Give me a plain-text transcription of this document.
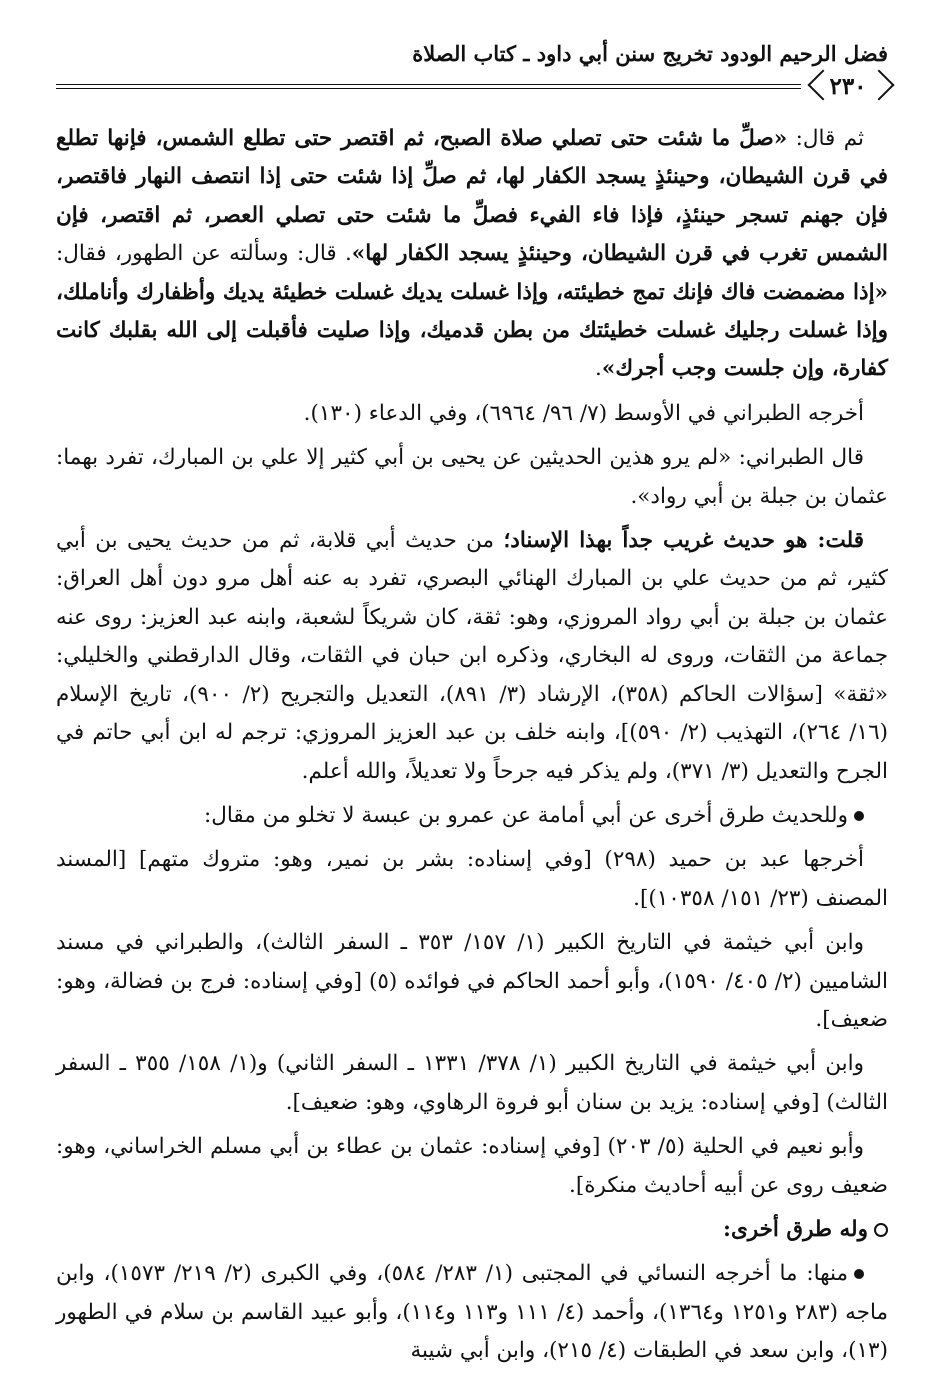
فضل الرحيم الودود تخريج سنن أبي داود ـ كتاب الصلاة
٢٣٠

ثم قال: «صلِّ ما شئت حتى تصلي صلاة الصبح، ثم اقتصر حتى تطلع الشمس، فإنها تطلع في قرن الشيطان، وحينئذٍ يسجد الكفار لها، ثم صلِّ إذا شئت حتى إذا انتصف النهار فاقتصر، فإن جهنم تسجر حينئذٍ، فإذا فاء الفيء فصلِّ ما شئت حتى تصلي العصر، ثم اقتصر، فإن الشمس تغرب في قرن الشيطان، وحينئذٍ يسجد الكفار لها». قال: وسألته عن الطهور، فقال: «إذا مضمضت فاك فإنك تمج خطيئته، وإذا غسلت يديك غسلت خطيئة يديك وأظفارك وأناملك، وإذا غسلت رجليك غسلت خطيئتك من بطن قدميك، وإذا صليت فأقبلت إلى الله بقلبك كانت كفارة، وإن جلست وجب أجرك».

أخرجه الطبراني في الأوسط (٧/ ٩٦/ ٦٩٦٤)، وفي الدعاء (١٣٠).

قال الطبراني: «لم يرو هذين الحديثين عن يحيى بن أبي كثير إلا علي بن المبارك، تفرد بهما: عثمان بن جبلة بن أبي رواد».

قلت: هو حديث غريب جداً بهذا الإسناد؛ من حديث أبي قلابة، ثم من حديث يحيى بن أبي كثير، ثم من حديث علي بن المبارك الهنائي البصري، تفرد به عنه أهل مرو دون أهل العراق: عثمان بن جبلة بن أبي رواد المروزي، وهو: ثقة، كان شريكاً لشعبة، وابنه عبد العزيز: روى عنه جماعة من الثقات، وروى له البخاري، وذكره ابن حبان في الثقات، وقال الدارقطني والخليلي: «ثقة» [سؤالات الحاكم (٣٥٨)، الإرشاد (٣/ ٨٩١)، التعديل والتجريح (٢/ ٩٠٠)، تاريخ الإسلام (١٦/ ٢٦٤)، التهذيب (٢/ ٥٩٠)]، وابنه خلف بن عبد العزيز المروزي: ترجم له ابن أبي حاتم في الجرح والتعديل (٣/ ٣٧١)، ولم يذكر فيه جرحاً ولا تعديلاً، والله أعلم.

وللحديث طرق أخرى عن أبي أمامة عن عمرو بن عبسة لا تخلو من مقال:

أخرجها عبد بن حميد (٢٩٨) [وفي إسناده: بشر بن نمير، وهو: متروك متهم] [المسند المصنف (٢٣/ ١٥١/ ١٠٣٥٨)].

وابن أبي خيثمة في التاريخ الكبير (١/ ١٥٧/ ٣٥٣ ـ السفر الثالث)، والطبراني في مسند الشاميين (٢/ ٤٠٥/ ١٥٩٠)، وأبو أحمد الحاكم في فوائده (٥) [وفي إسناده: فرج بن فضالة، وهو: ضعيف].

وابن أبي خيثمة في التاريخ الكبير (١/ ٣٧٨/ ١٣٣١ ـ السفر الثاني) و(١/ ١٥٨/ ٣٥٥ ـ السفر الثالث) [وفي إسناده: يزيد بن سنان أبو فروة الرهاوي، وهو: ضعيف].

وأبو نعيم في الحلية (٥/ ٢٠٣) [وفي إسناده: عثمان بن عطاء بن أبي مسلم الخراساني، وهو: ضعيف روى عن أبيه أحاديث منكرة].

وله طرق أخرى:

منها: ما أخرجه النسائي في المجتبى (١/ ٢٨٣/ ٥٨٤)، وفي الكبرى (٢/ ٢١٩/ ١٥٧٣)، وابن ماجه (٢٨٣ و١٢٥١ و١٣٦٤)، وأحمد (٤/ ١١١ و١١٣ و١١٤)، وأبو عبيد القاسم بن سلام في الطهور (١٣)، وابن سعد في الطبقات (٤/ ٢١٥)، وابن أبي شيبة
